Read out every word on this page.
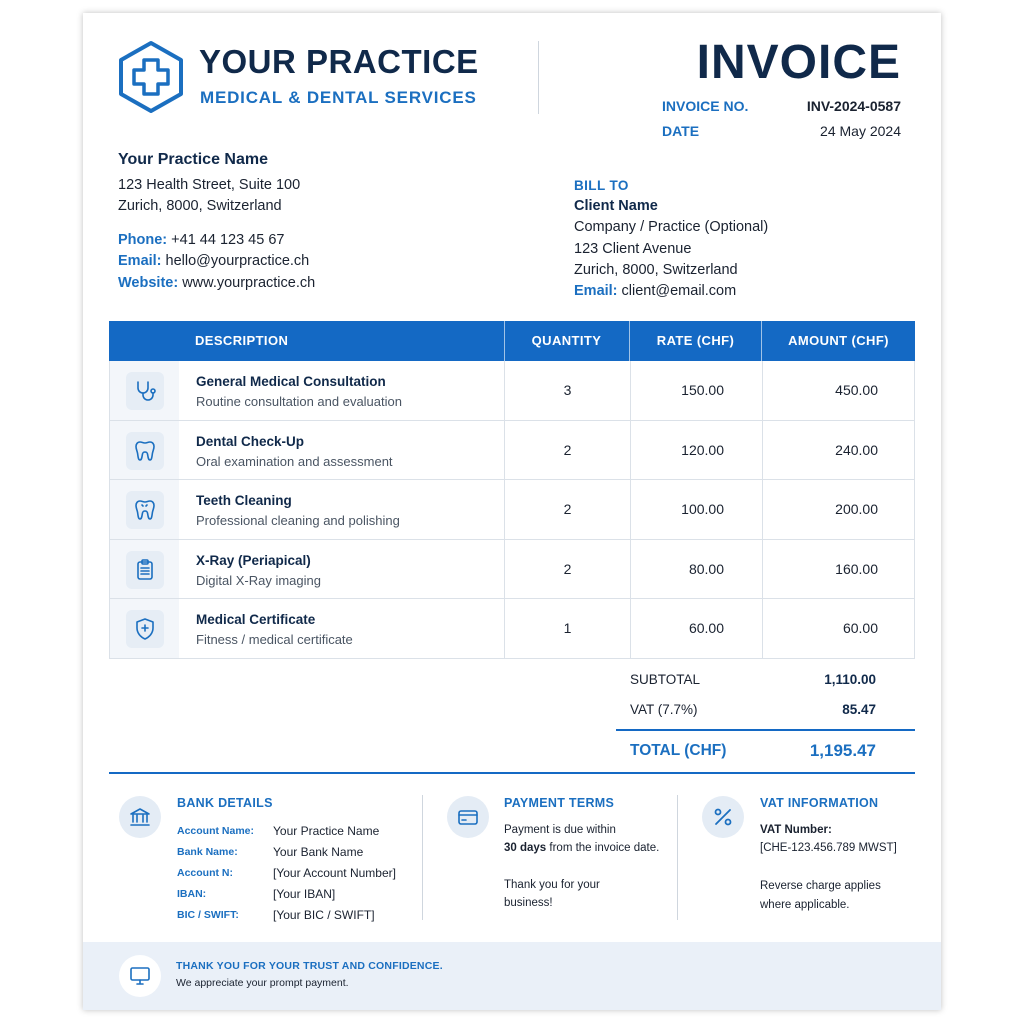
YOUR PRACTICE
MEDICAL & DENTAL SERVICES
INVOICE
INVOICE NO.	INV-2024-0587
DATE	24 May 2024
Your Practice Name
123 Health Street, Suite 100
Zurich, 8000, Switzerland
Phone: +41 44 123 45 67
Email: hello@yourpractice.ch
Website: www.yourpractice.ch
BILL TO
Client Name
Company / Practice (Optional)
123 Client Avenue
Zurich, 8000, Switzerland
Email: client@email.com
DESCRIPTION	QUANTITY	RATE (CHF)	AMOUNT (CHF)
General Medical Consultation
Routine consultation and evaluation
3	150.00	450.00
Dental Check-Up
Oral examination and assessment
2	120.00	240.00
Teeth Cleaning
Professional cleaning and polishing
2	100.00	200.00
X-Ray (Periapical)
Digital X-Ray imaging
2	80.00	160.00
Medical Certificate
Fitness / medical certificate
1	60.00	60.00
SUBTOTAL	1,110.00
VAT (7.7%)	85.47
TOTAL (CHF)	1,195.47
BANK DETAILS
Account Name: Your Practice Name
Bank Name:	Your Bank Name
Account N:	[Your Account Number]
IBAN:	[Your IBAN]
BIC / SWIFT:	[Your BIC / SWIFT]
PAYMENT TERMS
Payment is due within
30 days from the invoice date.
Thank you for your
business!
VAT INFORMATION
VAT Number:
[CHE-123.456.789 MWST]
Reverse charge applies
where applicable.
THANK YOU FOR YOUR TRUST AND CONFIDENCE.
We appreciate your prompt payment.
